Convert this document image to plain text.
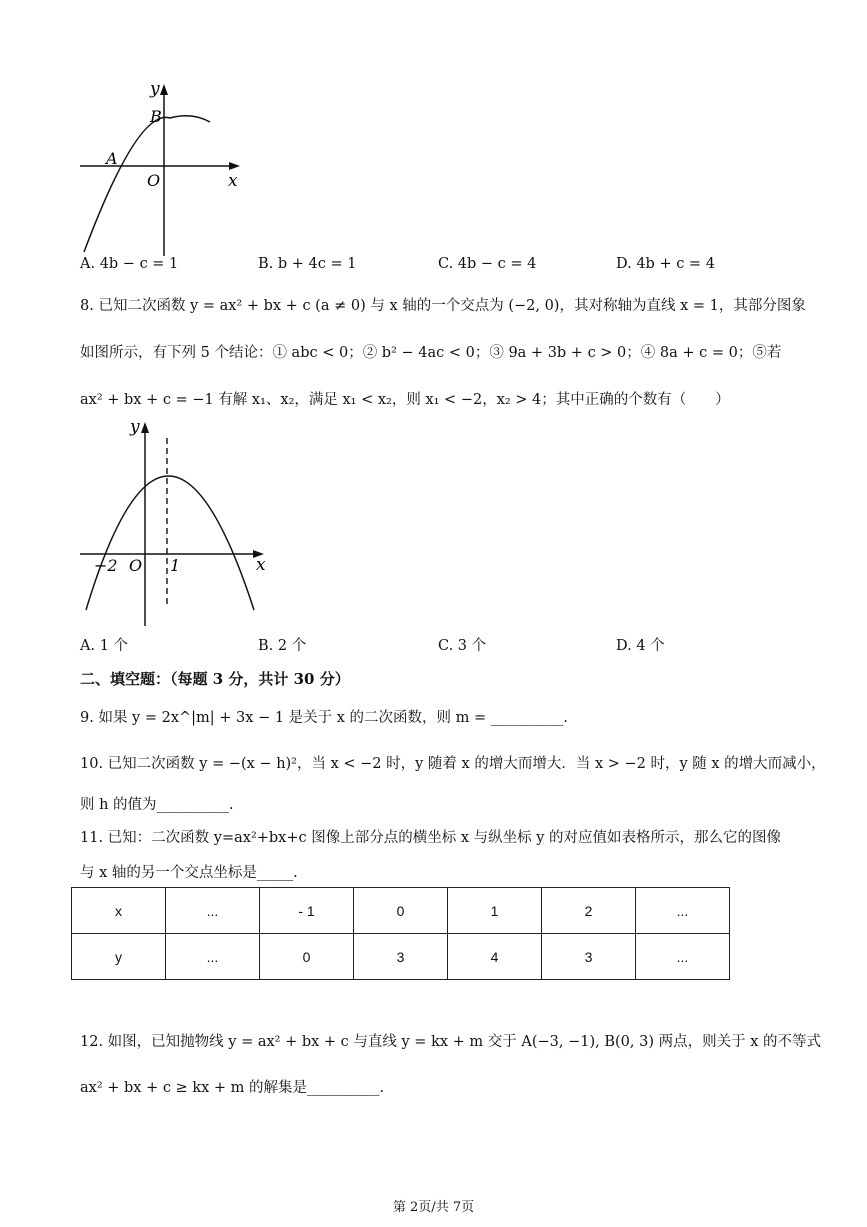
y
x
O
A
B
A. 4b − c = 1	B. b + 4c = 1	C. 4b − c = 4	D. 4b + c = 4
8. 已知二次函数 y = ax² + bx + c (a ≠ 0) 与 x 轴的一个交点为 (−2, 0)，其对称轴为直线 x = 1，其部分图象
如图所示，有下列 5 个结论：① abc < 0；② b² − 4ac < 0；③ 9a + 3b + c > 0；④ 8a + c = 0；⑤若
ax² + bx + c = −1 有解 x₁、x₂，满足 x₁ < x₂，则 x₁ < −2，x₂ > 4；其中正确的个数有（　　）
y
x
O
−2	1
A. 1 个	B. 2 个	C. 3 个	D. 4 个
二、填空题：（每题 3 分，共计 30 分）
9. 如果 y = 2x^|m| + 3x − 1 是关于 x 的二次函数，则 m = __________.
10. 已知二次函数 y = −(x − h)²，当 x < −2 时，y 随着 x 的增大而增大．当 x > −2 时，y 随 x 的增大而减小，
则 h 的值为__________.
11. 已知：二次函数 y=ax²+bx+c 图像上部分点的横坐标 x 与纵坐标 y 的对应值如表格所示，那么它的图像
与 x 轴的另一个交点坐标是_____.
x	...	- 1	0	1	2	...
y	...	0	3	4	3	...
12. 如图，已知抛物线 y = ax² + bx + c 与直线 y = kx + m 交于 A(−3, −1), B(0, 3) 两点，则关于 x 的不等式
ax² + bx + c ≥ kx + m 的解集是__________.
第 2页/共 7页
